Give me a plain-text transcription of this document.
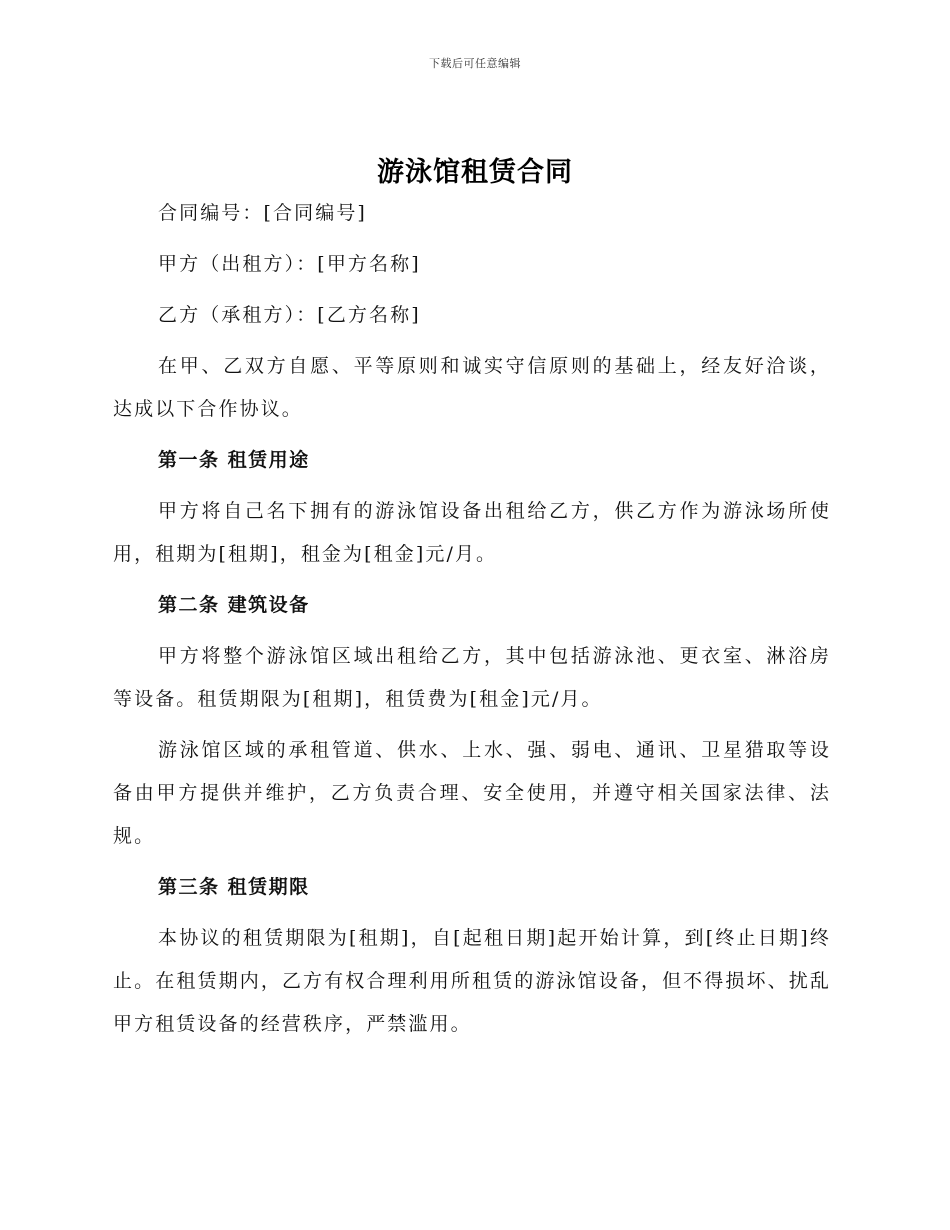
下载后可任意编辑
游泳馆租赁合同

合同编号：[合同编号]

甲方（出租方）：[甲方名称]

乙方（承租方）：[乙方名称]

在甲、乙双方自愿、平等原则和诚实守信原则的基础上，经友好洽谈，达成以下合作协议。

第一条 租赁用途

甲方将自己名下拥有的游泳馆设备出租给乙方，供乙方作为游泳场所使用，租期为[租期]，租金为[租金]元/月。

第二条 建筑设备

甲方将整个游泳馆区域出租给乙方，其中包括游泳池、更衣室、淋浴房等设备。租赁期限为[租期]，租赁费为[租金]元/月。

游泳馆区域的承租管道、供水、上水、强、弱电、通讯、卫星猎取等设备由甲方提供并维护，乙方负责合理、安全使用，并遵守相关国家法律、法规。

第三条 租赁期限

本协议的租赁期限为[租期]，自[起租日期]起开始计算，到[终止日期]终止。在租赁期内，乙方有权合理利用所租赁的游泳馆设备，但不得损坏、扰乱甲方租赁设备的经营秩序，严禁滥用。
